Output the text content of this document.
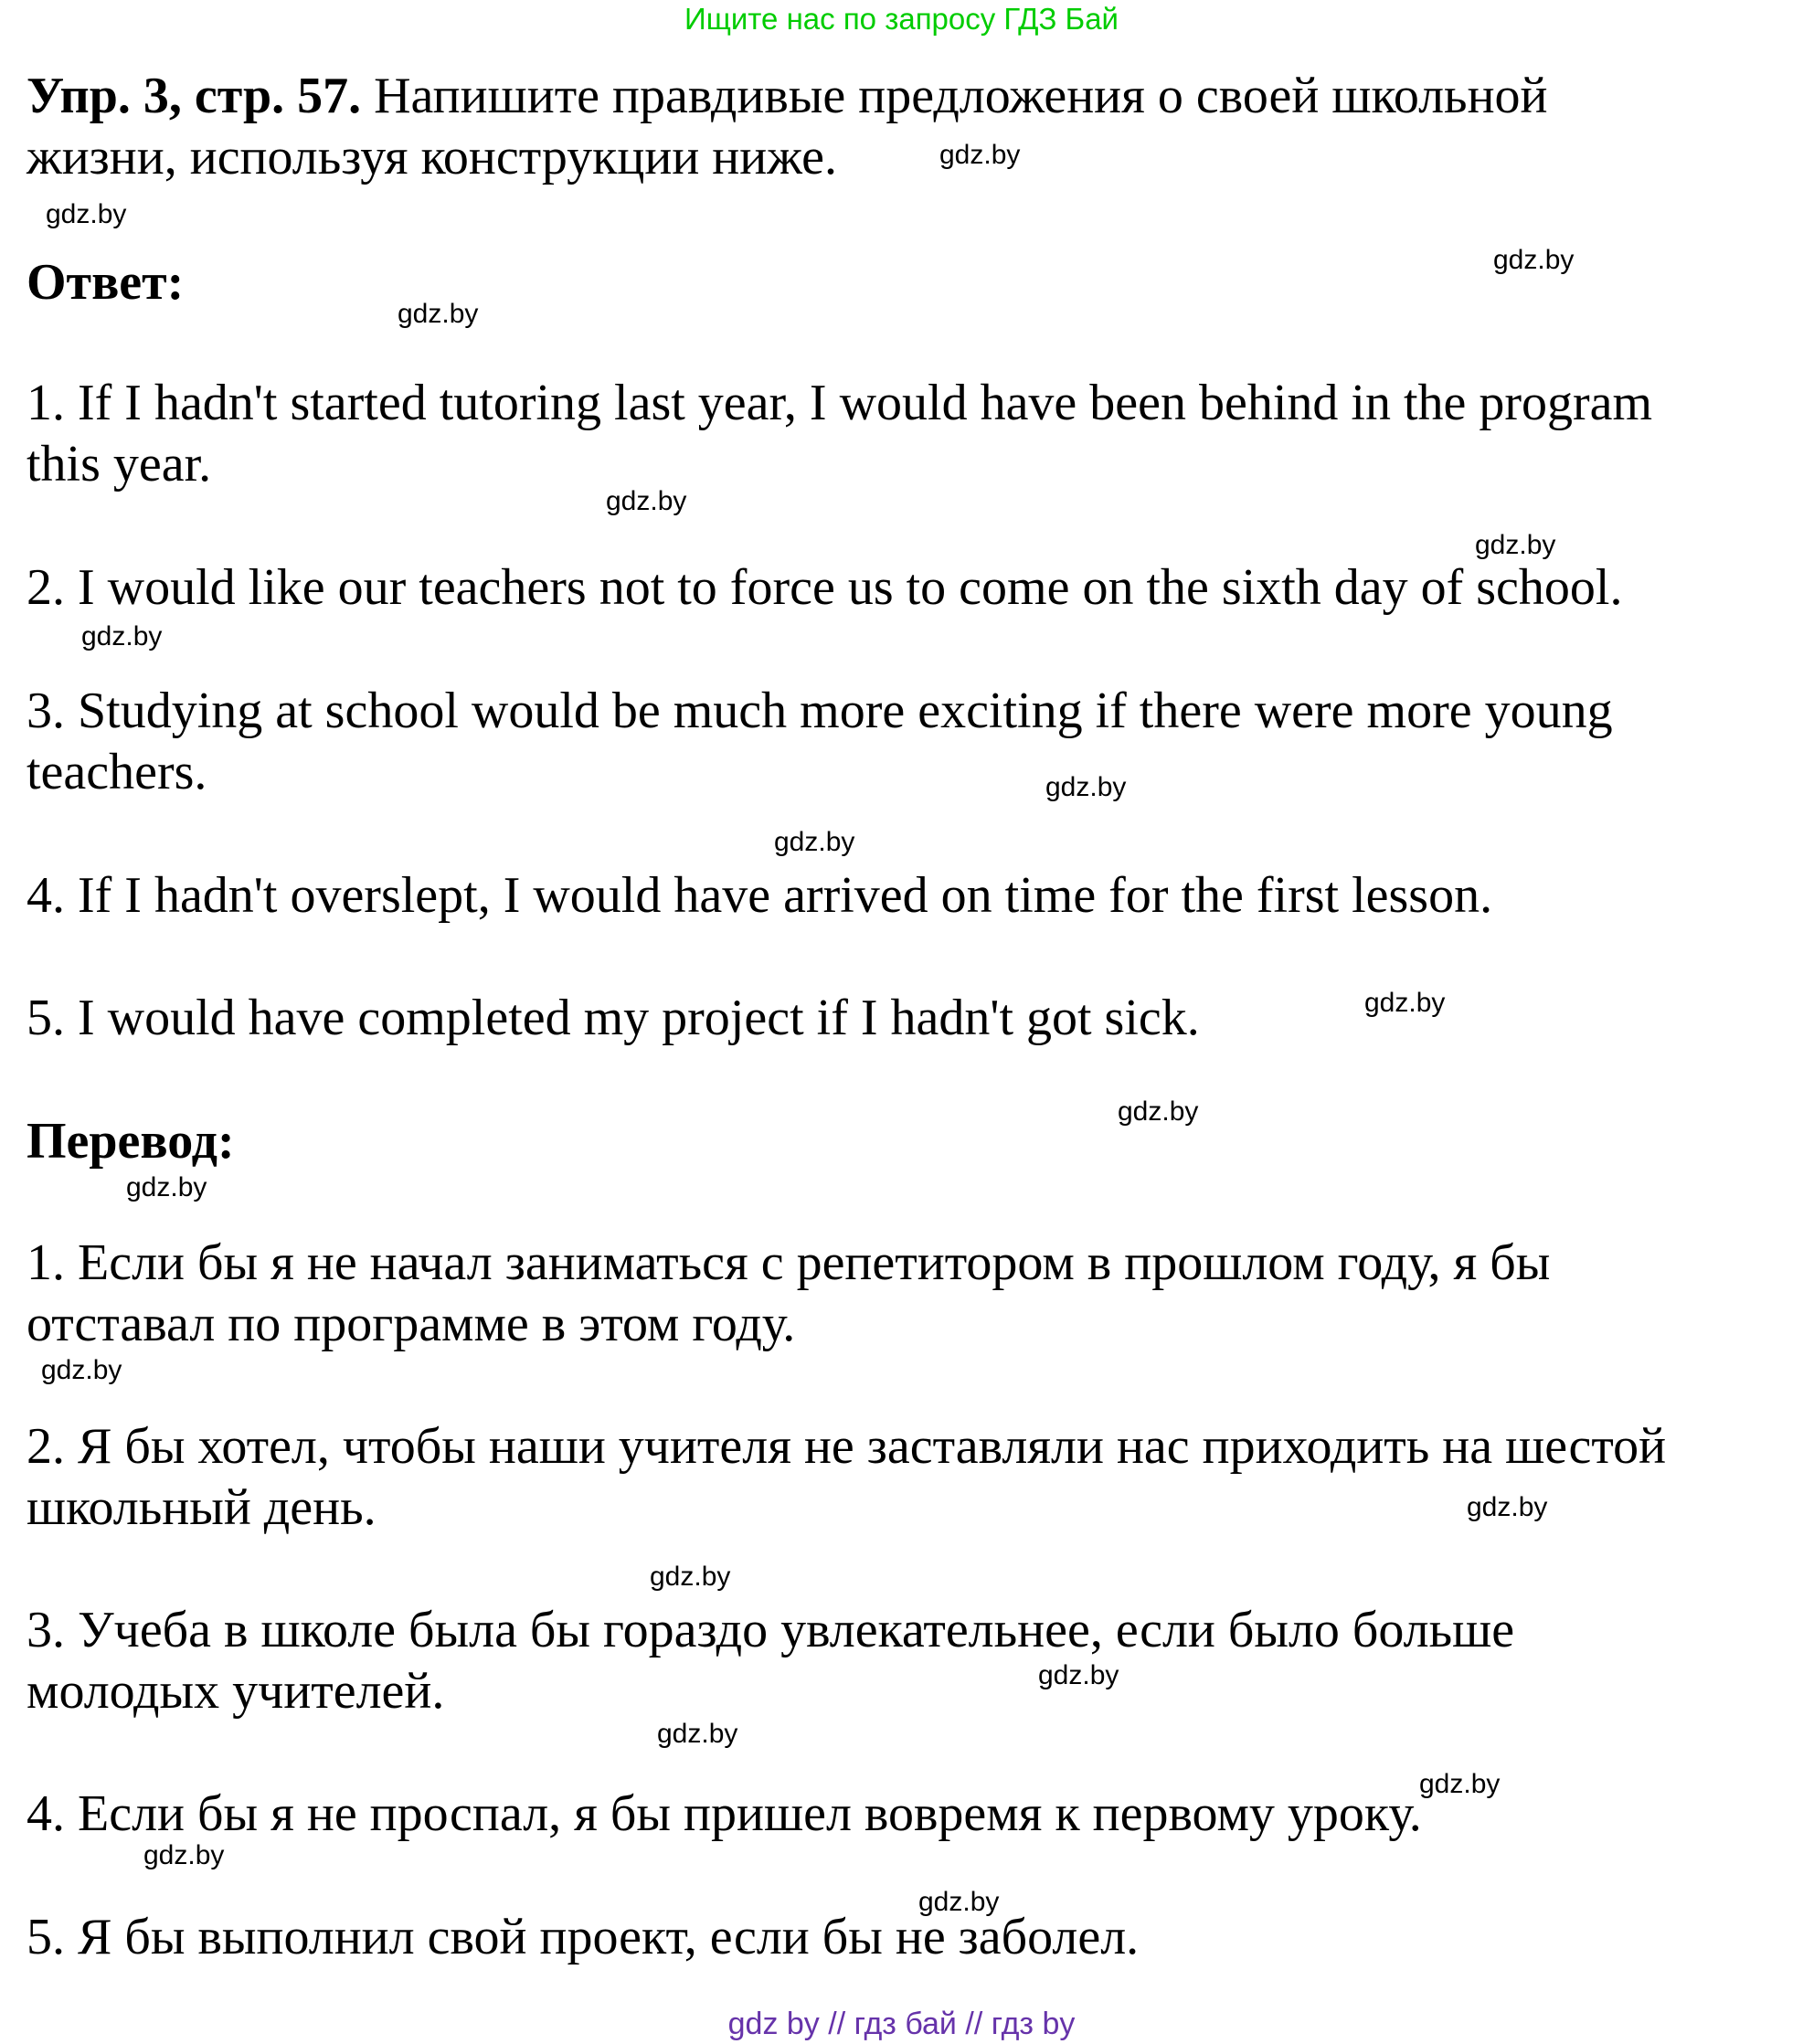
Ищите нас по запросу ГДЗ Бай

Упр. 3, стр. 57. Напишите правдивые предложения о своей школьной

жизни, используя конструкции ниже.

Ответ:

1. If I hadn't started tutoring last year, I would have been behind in the program

this year.

2. I would like our teachers not to force us to come on the sixth day of school.

3. Studying at school would be much more exciting if there were more young

teachers.

4. If I hadn't overslept, I would have arrived on time for the first lesson.

5. I would have completed my project if I hadn't got sick.

Перевод:

1. Если бы я не начал заниматься с репетитором в прошлом году, я бы

отставал по программе в этом году.

2. Я бы хотел, чтобы наши учителя не заставляли нас приходить на шестой

школьный день.

3. Учеба в школе была бы гораздо увлекательнее, если было больше

молодых учителей.

4. Если бы я не проспал, я бы пришел вовремя к первому уроку.

5. Я бы выполнил свой проект, если бы не заболел.

gdz.by
gdz.by
gdz.by
gdz.by
gdz.by
gdz.by
gdz.by
gdz.by
gdz.by
gdz.by
gdz.by
gdz.by
gdz.by
gdz.by
gdz.by
gdz.by
gdz.by
gdz.by
gdz.by
gdz.by
gdz by // гдз бай // гдз by
